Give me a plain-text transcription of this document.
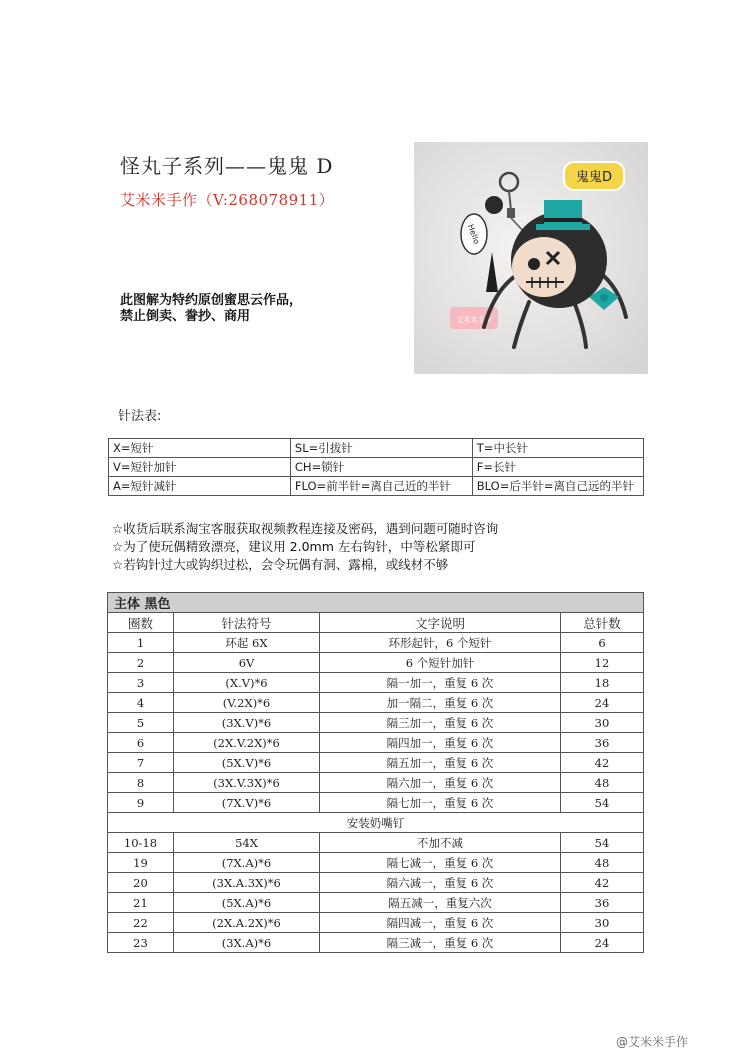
怪丸子系列——鬼鬼 D
艾米米手作（V:268078911）
此图解为特约原创蜜思云作品，
禁止倒卖、誊抄、商用
Hello
鬼鬼D
艾米米手作
针法表:
X=短针	SL=引拔针	T=中长针
V=短针加针	CH=锁针	F=长针
A=短针减针	FLO=前半针=离自己近的半针	BLO=后半针=离自己远的半针
☆收货后联系淘宝客服获取视频教程连接及密码，遇到问题可随时咨询
☆为了使玩偶精致漂亮，建议用 2.0mm 左右钩针，中等松紧即可
☆若钩针过大或钩织过松，会令玩偶有洞、露棉，或线材不够
主体 黑色			
圈数	针法符号	文字说明	总针数
1	环起 6X	环形起针，6 个短针	6
2	6V	6 个短针加针	12
3	(X.V)*6	隔一加一，重复 6 次	18
4	(V.2X)*6	加一隔二，重复 6 次	24
5	(3X.V)*6	隔三加一，重复 6 次	30
6	(2X.V.2X)*6	隔四加一，重复 6 次	36
7	(5X.V)*6	隔五加一，重复 6 次	42
8	(3X.V.3X)*6	隔六加一，重复 6 次	48
9	(7X.V)*6	隔七加一，重复 6 次	54
安装奶嘴钉			
10-18	54X	不加不减	54
19	(7X.A)*6	隔七减一，重复 6 次	48
20	(3X.A.3X)*6	隔六减一，重复 6 次	42
21	(5X.A)*6	隔五减一，重复六次	36
22	(2X.A.2X)*6	隔四减一，重复 6 次	30
23	(3X.A)*6	隔三减一，重复 6 次	24
@艾米米手作
